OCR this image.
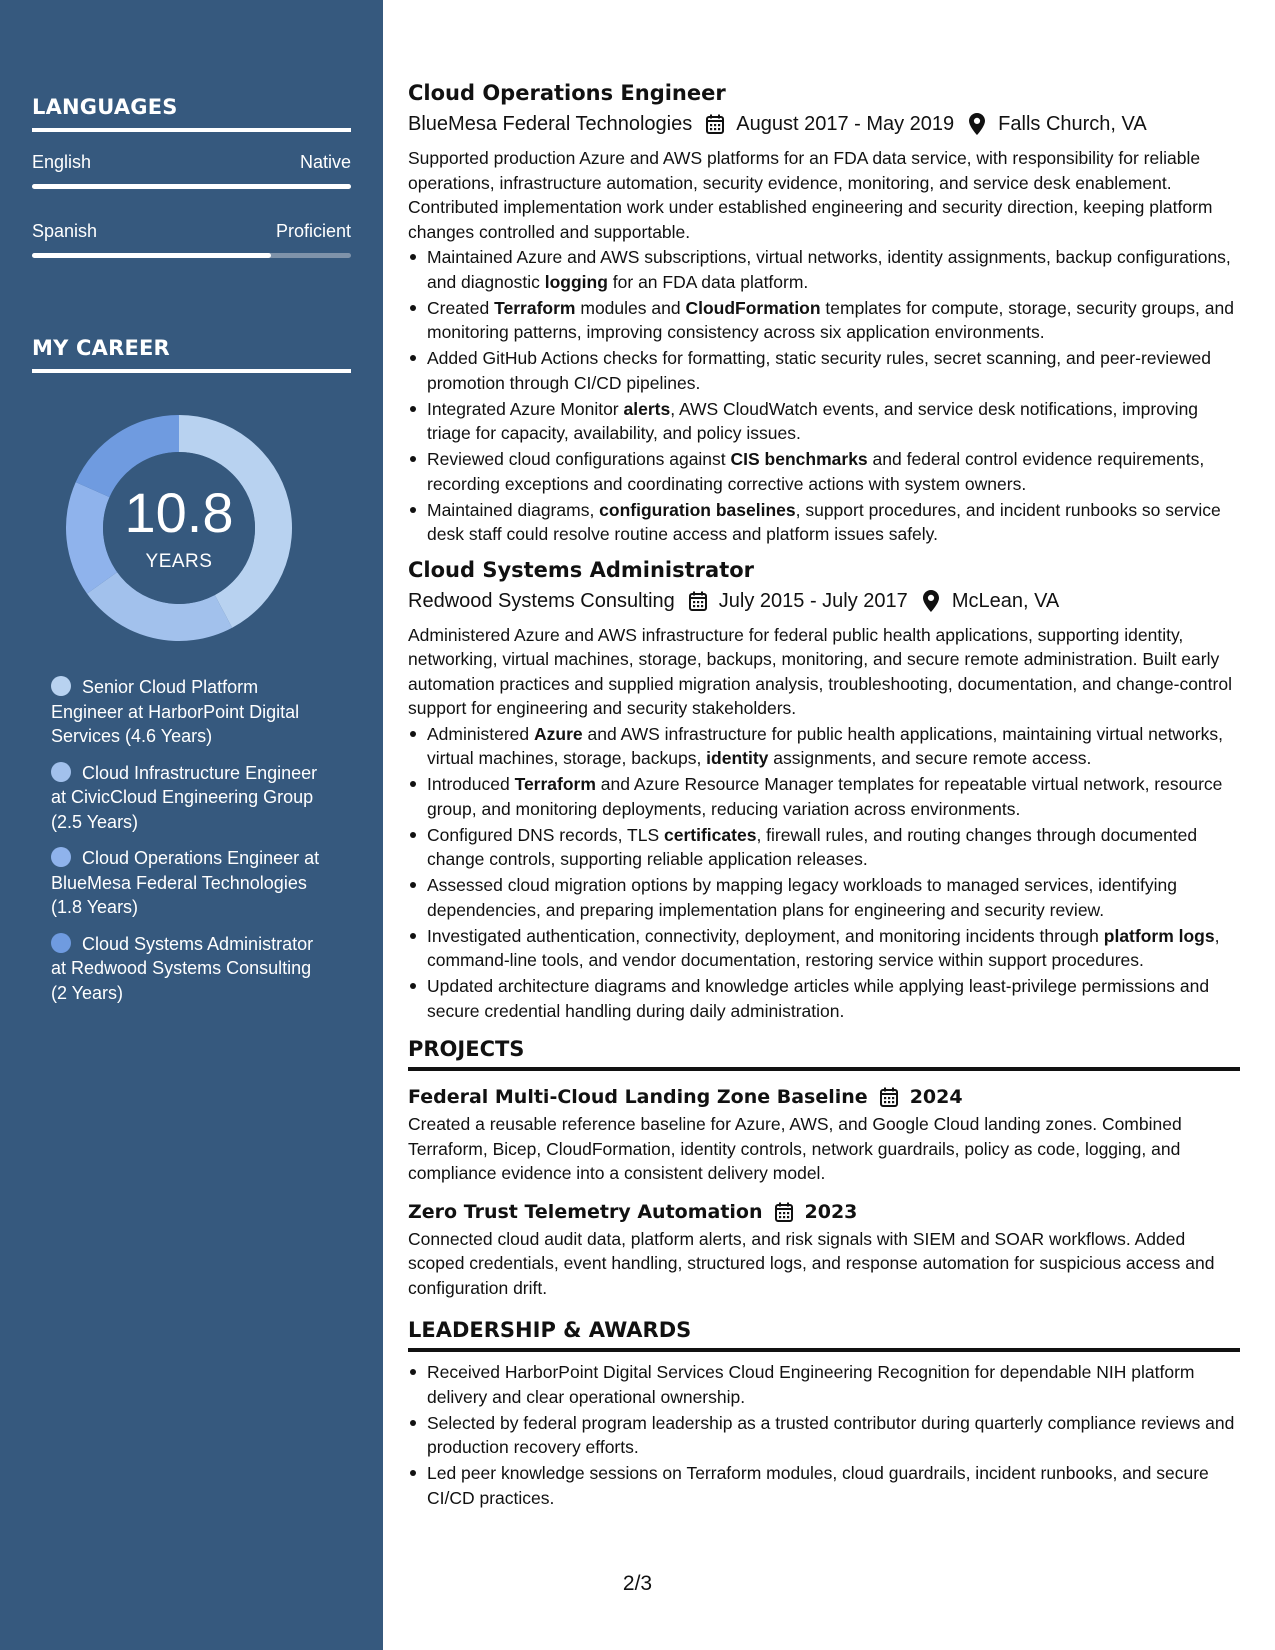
LANGUAGES
English	Native
Spanish	Proficient
MY CAREER
10.8
YEARS
Senior Cloud Platform Engineer at HarborPoint Digital Services (4.6 Years)
Cloud Infrastructure Engineer at CivicCloud Engineering Group (2.5 Years)
Cloud Operations Engineer at BlueMesa Federal Technologies (1.8 Years)
Cloud Systems Administrator at Redwood Systems Consulting (2 Years)
Cloud Operations Engineer
BlueMesa Federal Technologies August 2017 - May 2019 Falls Church, VA
Supported production Azure and AWS platforms for an FDA data service, with responsibility for reliable operations, infrastructure automation, security evidence, monitoring, and service desk enablement. Contributed implementation work under established engineering and security direction, keeping platform changes controlled and supportable.
Maintained Azure and AWS subscriptions, virtual networks, identity assignments, backup configurations, and diagnostic logging for an FDA data platform.
Created Terraform modules and CloudFormation templates for compute, storage, security groups, and monitoring patterns, improving consistency across six application environments.
Added GitHub Actions checks for formatting, static security rules, secret scanning, and peer-reviewed promotion through CI/CD pipelines.
Integrated Azure Monitor alerts, AWS CloudWatch events, and service desk notifications, improving triage for capacity, availability, and policy issues.
Reviewed cloud configurations against CIS benchmarks and federal control evidence requirements, recording exceptions and coordinating corrective actions with system owners.
Maintained diagrams, configuration baselines, support procedures, and incident runbooks so service desk staff could resolve routine access and platform issues safely.
Cloud Systems Administrator
Redwood Systems Consulting July 2015 - July 2017 McLean, VA
Administered Azure and AWS infrastructure for federal public health applications, supporting identity, networking, virtual machines, storage, backups, monitoring, and secure remote administration. Built early automation practices and supplied migration analysis, troubleshooting, documentation, and change-control support for engineering and security stakeholders.
Administered Azure and AWS infrastructure for public health applications, maintaining virtual networks, virtual machines, storage, backups, identity assignments, and secure remote access.
Introduced Terraform and Azure Resource Manager templates for repeatable virtual network, resource group, and monitoring deployments, reducing variation across environments.
Configured DNS records, TLS certificates, firewall rules, and routing changes through documented change controls, supporting reliable application releases.
Assessed cloud migration options by mapping legacy workloads to managed services, identifying dependencies, and preparing implementation plans for engineering and security review.
Investigated authentication, connectivity, deployment, and monitoring incidents through platform logs, command-line tools, and vendor documentation, restoring service within support procedures.
Updated architecture diagrams and knowledge articles while applying least-privilege permissions and secure credential handling during daily administration.
PROJECTS
Federal Multi-Cloud Landing Zone Baseline 2024
Created a reusable reference baseline for Azure, AWS, and Google Cloud landing zones. Combined Terraform, Bicep, CloudFormation, identity controls, network guardrails, policy as code, logging, and compliance evidence into a consistent delivery model.
Zero Trust Telemetry Automation 2023
Connected cloud audit data, platform alerts, and risk signals with SIEM and SOAR workflows. Added scoped credentials, event handling, structured logs, and response automation for suspicious access and configuration drift.
LEADERSHIP & AWARDS
Received HarborPoint Digital Services Cloud Engineering Recognition for dependable NIH platform delivery and clear operational ownership.
Selected by federal program leadership as a trusted contributor during quarterly compliance reviews and production recovery efforts.
Led peer knowledge sessions on Terraform modules, cloud guardrails, incident runbooks, and secure CI/CD practices.
2/3
